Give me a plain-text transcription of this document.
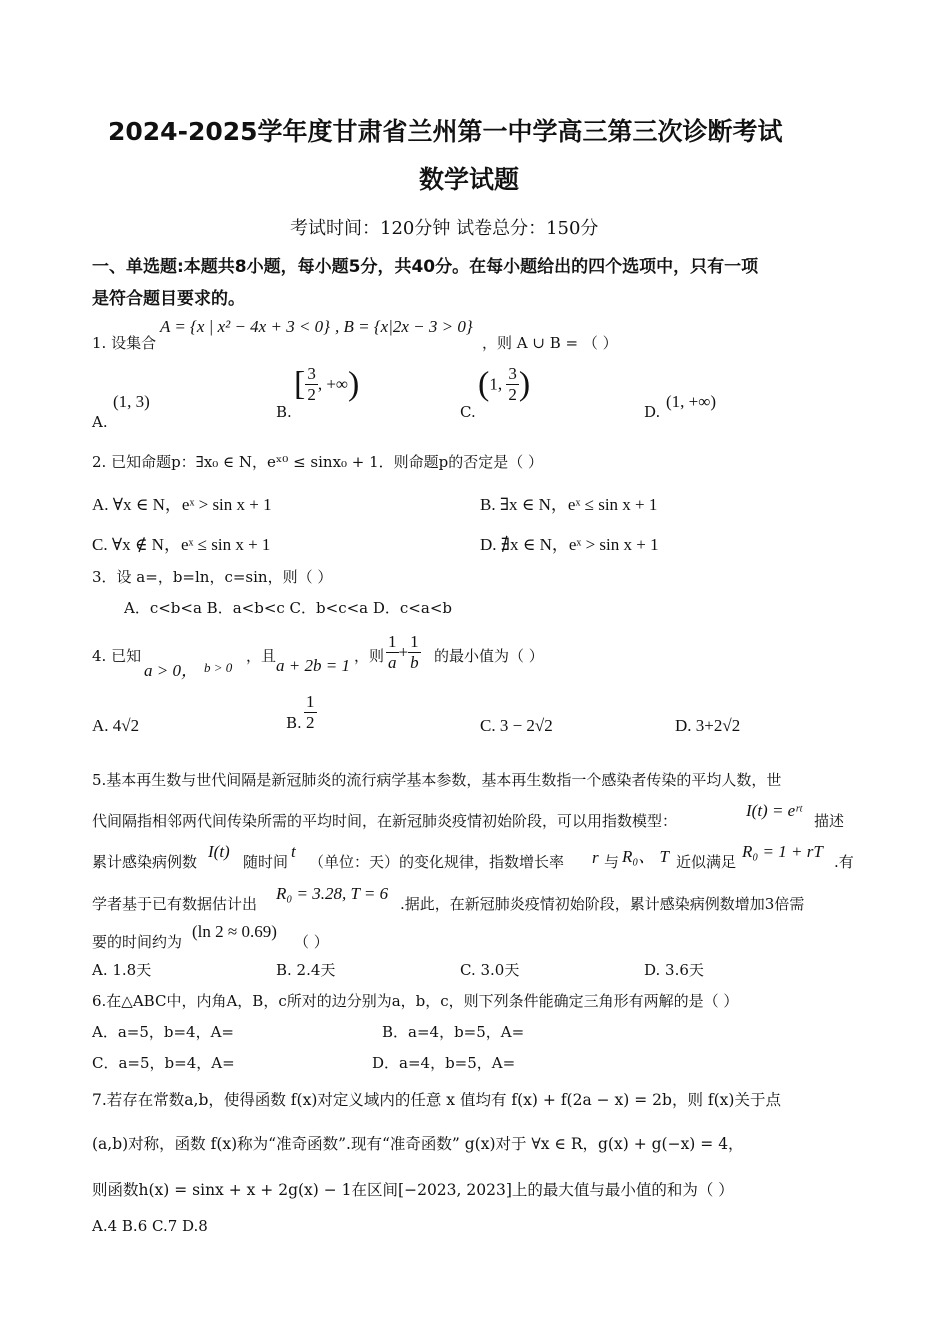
2024-2025学年度甘肃省兰州第一中学高三第三次诊断考试
数学试题
考试时间：120分钟 试卷总分：150分
一、单选题:本题共8小题，每小题5分，共40分。在每小题给出的四个选项中，只有一项
是符合题目要求的。
1. 设集合
A = {x | x² − 4x + 3 < 0} , B = {x|2x − 3 > 0}
，则 A ∪ B = （ ）
A.
(1, 3)
B.
[ $\frac{3}{2}$ , +∞)
C.
(1, $\frac{3}{2}$ )
D.
(1, +∞)
2. 已知命题p：∃x₀ ∈ N，eˣ⁰ ≤ sinx₀ + 1．则命题p的否定是（ ）
A. ∀x ∈ N，eˣ > sin x + 1	B. ∃x ∈ N，eˣ ≤ sin x + 1
C. ∀x ∉ N，eˣ ≤ sin x + 1	D. ∄x ∈ N，eˣ > sin x + 1
3．设 a=，b=ln，c=sin，则（ ）
A．c<b<a B．a<b<c C．b<c<a D．c<a<b
4. 已知
a > 0， b > 0
，且 a + 2b = 1 ，则 $\frac{1}{a} + \frac{1}{b}$ 的最小值为（ ）
A. 4√2	B. $\frac{1}{2}$	C. 3 − 2√2	D. 3+2√2
5.基本再生数与世代间隔是新冠肺炎的流行病学基本参数，基本再生数指一个感染者传染的平均人数，世
代间隔指相邻两代间传染所需的平均时间，在新冠肺炎疫情初始阶段，可以用指数模型：
I(t) = eʳᵗ
描述
累计感染病例数
I(t)
随时间
t
（单位：天）的变化规律，指数增长率 r 与 R₀、 T 近似满足
R₀ = 1 + rT
.有
学者基于已有数据估计出
R₀ = 3.28, T = 6
.据此，在新冠肺炎疫情初始阶段，累计感染病例数增加3倍需
要的时间约为
(ln 2 ≈ 0.69)
（ ）
A. 1.8天	B. 2.4天	C. 3.0天	D. 3.6天
6.在△ABC中，内角A，B，c所对的边分别为a，b，c，则下列条件能确定三角形有两解的是（ ）
A．a=5，b=4，A=	B．a=4，b=5，A=
C．a=5，b=4，A=	D．a=4，b=5，A=
7.若存在常数a,b，使得函数 f(x)对定义域内的任意 x 值均有 f(x) + f(2a − x) = 2b，则 f(x)关于点
(a,b)对称，函数 f(x)称为“准奇函数”.现有“准奇函数” g(x)对于 ∀x ∈ R，g(x) + g(−x) = 4，
则函数h(x) = sinx + x + 2g(x) − 1在区间[−2023, 2023]上的最大值与最小值的和为（ ）
A.4 B.6 C.7 D.8
